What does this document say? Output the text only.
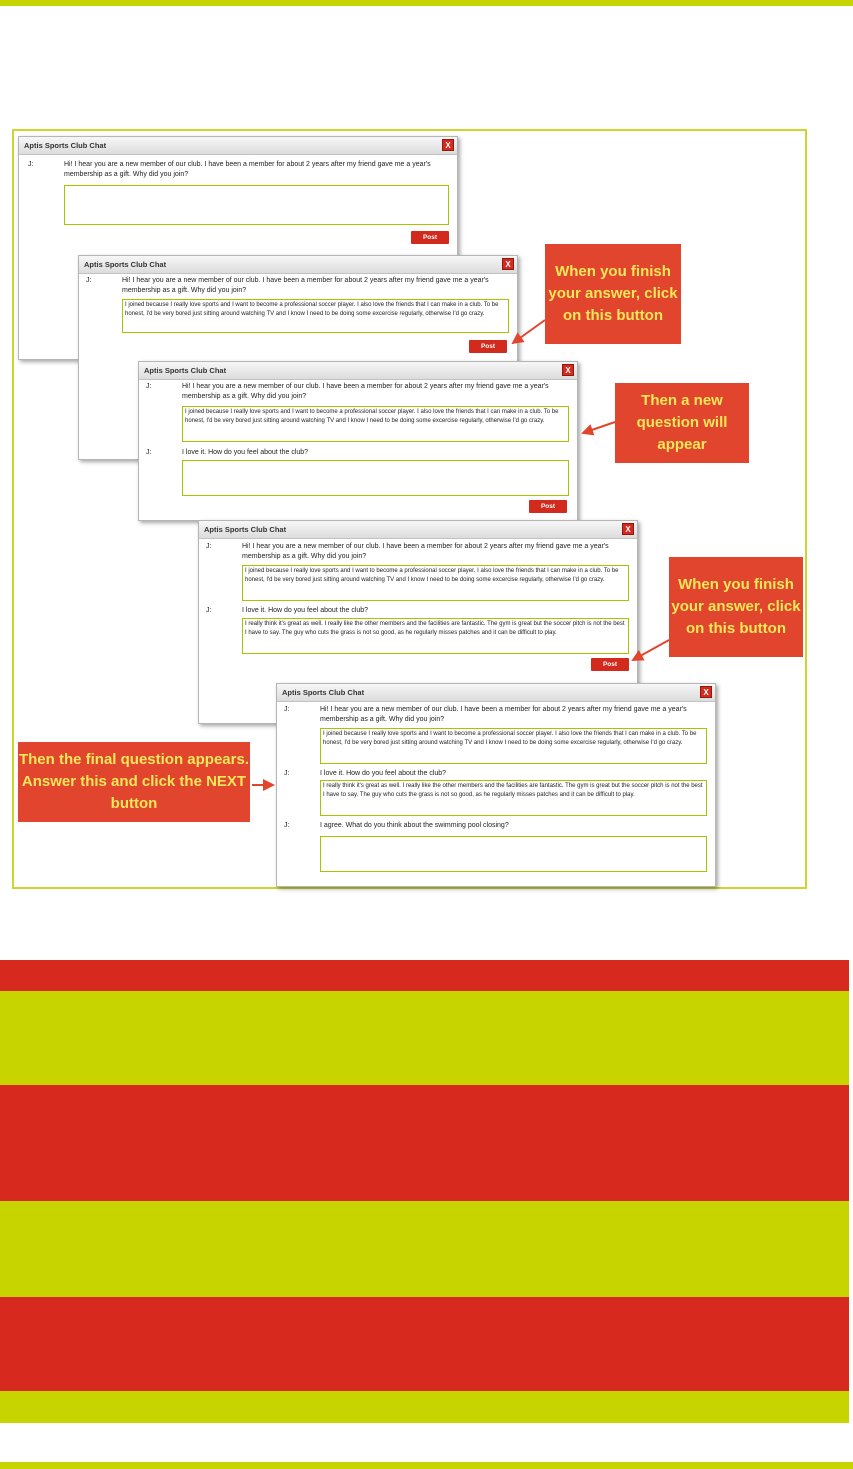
Aptis Sports Club Chat	X
J:	Hi! I hear you are a new member of our club. I have been a member for about 2 years after my friend gave me a year's membership as a gift. Why did you join?
Post
Aptis Sports Club Chat	X
J:	Hi! I hear you are a new member of our club. I have been a member for about 2 years after my friend gave me a year's membership as a gift. Why did you join?
I joined because I really love sports and I want to become a professional soccer player. I also love the friends that I can make in a club. To be honest, I'd be very bored just sitting around watching TV and I know I need to be doing some excercise regularly, otherwise I'd go crazy.
Post
Aptis Sports Club Chat	X
J:	Hi! I hear you are a new member of our club. I have been a member for about 2 years after my friend gave me a year's membership as a gift. Why did you join?
I joined because I really love sports and I want to become a professional soccer player. I also love the friends that I can make in a club. To be honest, I'd be very bored just sitting around watching TV and I know I need to be doing some excercise regularly, otherwise I'd go crazy.
J:	I love it. How do you feel about the club?
Post
Aptis Sports Club Chat	X
J:	Hi! I hear you are a new member of our club. I have been a member for about 2 years after my friend gave me a year's membership as a gift. Why did you join?
I joined because I really love sports and I want to become a professional soccer player. I also love the friends that I can make in a club. To be honest, I'd be very bored just sitting around watching TV and I know I need to be doing some excercise regularly, otherwise I'd go crazy.
J:	I love it. How do you feel about the club?
I really think it's great as well. I really like the other members and the facilities are fantastic. The gym is great but the soccer pitch is not the best I have to say. The guy who cuts the grass is not so good, as he regularly misses patches and it can be difficult to play.
Post
Aptis Sports Club Chat	X
J:	Hi! I hear you are a new member of our club. I have been a member for about 2 years after my friend gave me a year's membership as a gift. Why did you join?
I joined because I really love sports and I want to become a professional soccer player. I also love the friends that I can make in a club. To be honest, I'd be very bored just sitting around watching TV and I know I need to be doing some excercise regularly, otherwise I'd go crazy.
J:	I love it. How do you feel about the club?
I really think it's great as well. I really like the other members and the facilities are fantastic. The gym is great but the soccer pitch is not the best I have to say. The guy who cuts the grass is not so good, as he regularly misses patches and it can be difficult to play.
J:	I agree. What do you think about the swimming pool closing?
When you finish your answer, click on this button
Then a new question will appear
When you finish your answer, click on this button
Then the final question appears. Answer this and click the NEXT button
